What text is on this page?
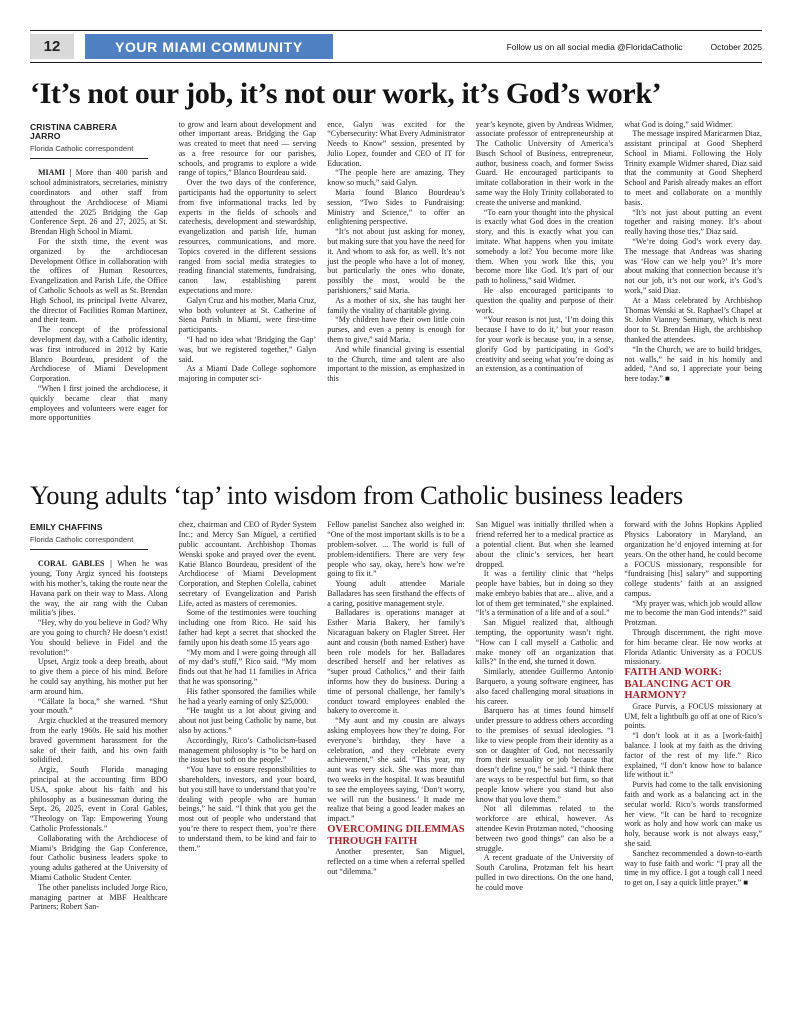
12	YOUR MIAMI COMMUNITY	Follow us on all social media @FloridaCatholic	October 2025
‘It’s not our job, it’s not our work, it’s God’s work’
CRISTINA CABRERA JARRO
Florida Catholic correspondent

MIAMI | More than 400 parish and school administrators, secretaries, ministry coordinators and other staff from throughout the Archdiocese of Miami attended the 2025 Bridging the Gap Conference Sept. 26 and 27, 2025, at St. Brendan High School in Miami.

For the sixth time, the event was organized by the archdiocesan Development Office in collaboration with the offices of Human Resources, Evangelization and Parish Life, the Office of Catholic Schools as well as St. Brendan High School, its principal Ivette Alvarez, the director of Facilities Roman Martinez, and their team.

The concept of the professional development day, with a Catholic identity, was first introduced in 2012 by Katie Blanco Bourdeau, president of the Archdiocese of Miami Development Corporation.

“When I first joined the archdiocese, it quickly became clear that many employees and volunteers were eager for more opportunities

to grow and learn about development and other important areas. Bridging the Gap was created to meet that need — serving as a free resource for our parishes, schools, and programs to explore a wide range of topics,” Blanco Bourdeau said.

Over the two days of the conference, participants had the opportunity to select from five informational tracks led by experts in the fields of schools and catechesis, development and stewardship, evangelization and parish life, human resources, communications, and more. Topics covered in the different sessions ranged from social media strategies to reading financial statements, fundraising, canon law, establishing parent expectations and more.

Galyn Cruz and his mother, Maria Cruz, who both volunteer at St. Catherine of Siena Parish in Miami, were first-time participants.

“I had no idea what ‘Bridging the Gap’ was, but we registered together,” Galyn said.

As a Miami Dade College sophomore majoring in computer sci-

ence, Galyn was excited for the “Cybersecurity: What Every Administrator Needs to Know” session, presented by Julio Lopez, founder and CEO of IT for Education.

“The people here are amazing. They know so much,” said Galyn.

Maria found Blanco Bourdeau’s session, “Two Sides to Fundraising: Ministry and Science,” to offer an enlightening perspective.

“It’s not about just asking for money, but making sure that you have the need for it. And whom to ask for, as well. It’s not just the people who have a lot of money, but particularly the ones who donate, possibly the most, would be the parishioners,” said Maria.

As a mother of six, she has taught her family the vitality of charitable giving.

“My children have their own little coin purses, and even a penny is enough for them to give,” said Maria.

And while financial giving is essential to the Church, time and talent are also important to the mission, as emphasized in this

year’s keynote, given by Andreas Widmer, associate professor of entrepreneurship at The Catholic University of America’s Busch School of Business, entrepreneur, author, business coach, and former Swiss Guard. He encouraged participants to imitate collaboration in their work in the same way the Holy Trinity collaborated to create the universe and mankind.

“To earn your thought into the physical is exactly what God does in the creation story, and this is exactly what you can imitate. What happens when you imitate somebody a lot? You become more like them. When you work like this, you become more like God. It’s part of our path to holiness,” said Widmer.

He also encouraged participants to question the quality and purpose of their work.

“Your reason is not just, ‘I’m doing this because I have to do it,’ but your reason for your work is because you, in a sense, glorify God by participating in God’s creativity and seeing what you’re doing as an extension, as a continuation of

what God is doing,” said Widmer.

The message inspired Maricarmen Diaz, assistant principal at Good Shepherd School in Miami. Following the Holy Trinity example Widmer shared, Diaz said that the community at Good Shepherd School and Parish already makes an effort to meet and collaborate on a monthly basis.

“It’s not just about putting an event together and raising money. It’s about really having those ties,” Diaz said.

“We’re doing God’s work every day. The message that Andreas was sharing was ‘How can we help you?’ It’s more about making that connection because it’s not our job, it’s not our work, it’s God’s work,” said Diaz.

At a Mass celebrated by Archbishop Thomas Wenski at St. Raphael’s Chapel at St. John Vianney Seminary, which is next door to St. Brendan High, the archbishop thanked the attendees.

“In the Church, we are to build bridges, not walls,” he said in his homily and added, “And so, I appreciate your being here today.” ■

Young adults ‘tap’ into wisdom from Catholic business leaders
EMILY CHAFFINS
Florida Catholic correspondent

CORAL GABLES | When he was young, Tony Argiz synced his footsteps with his mother’s, taking the route near the Havana park on their way to Mass. Along the way, the air rang with the Cuban militia’s jibes.

“Hey, why do you believe in God? Why are you going to church? He doesn’t exist! You should believe in Fidel and the revolution!”

Upset, Argiz took a deep breath, about to give them a piece of his mind. Before he could say anything, his mother put her arm around him.

“Cállate la boca,” she warned. “Shut your mouth.”

Argiz chuckled at the treasured memory from the early 1960s. He said his mother braved government harassment for the sake of their faith, and his own faith solidified.

Argiz, South Florida managing principal at the accounting firm BDO USA, spoke about his faith and his philosophy as a businessman during the Sept. 26, 2025, event in Coral Gables, “Theology on Tap: Empowering Young Catholic Professionals.”

Collaborating with the Archdiocese of Miami’s Bridging the Gap Conference, four Catholic business leaders spoke to young adults gathered at the University of Miami Catholic Student Center.

The other panelists included Jorge Rico, managing partner at MBF Healthcare Partners; Robert San-

chez, chairman and CEO of Ryder System Inc.; and Mercy San Miguel, a certified public accountant. Archbishop Thomas Wenski spoke and prayed over the event. Katie Blanco Bourdeau, president of the Archdiocese of Miami Development Corporation, and Stephen Colella, cabinet secretary of Evangelization and Parish Life, acted as masters of ceremonies.

Some of the testimonies were touching including one from Rico. He said his father had kept a secret that shocked the family upon his death some 15 years ago

“My mom and I were going through all of my dad’s stuff,” Rico said. “My mom finds out that he had 11 families in Africa that he was sponsoring.”

His father sponsored the families while he had a yearly earning of only $25,000.

“He taught us a lot about giving and about not just being Catholic by name, but also by actions.”

Accordingly, Rico’s Catholicism-based management philosophy is “to be hard on the issues but soft on the people.”

“You have to ensure responsibilities to shareholders, investors, and your board, but you still have to understand that you’re dealing with people who are human beings,” he said. “I think that you get the most out of people who understand that you’re there to respect them, you’re there to understand them, to be kind and fair to them.”

Fellow panelist Sanchez also weighed in: “One of the most important skills is to be a problem-solver. ... The world is full of problem-identifiers. There are very few people who say, okay, here’s how we’re going to fix it.”

Young adult attendee Mariale Balladares has seen firsthand the effects of a caring, positive management style.

Balladares is operations manager at Esther Maria Bakery, her family’s Nicaraguan bakery on Flagler Street. Her aunt and cousin (both named Esther) have been role models for her. Balladares described herself and her relatives as “super proud Catholics,” and their faith informs how they do business. During a time of personal challenge, her family’s conduct toward employees enabled the bakery to overcome it.

“My aunt and my cousin are always asking employees how they’re doing. For everyone’s birthday, they have a celebration, and they celebrate every achievement,” she said. “This year, my aunt was very sick. She was more than two weeks in the hospital. It was beautiful to see the employees saying, ‘Don’t worry, we will run the business.’ It made me realize that being a good leader makes an impact.”

OVERCOMING DILEMMAS THROUGH FAITH

Another presenter, San Miguel, reflected on a time when a referral spelled out “dilemma.”

San Miguel was initially thrilled when a friend referred her to a medical practice as a potential client. But when she learned about the clinic’s services, her heart dropped.

It was a fertility clinic that “helps people have babies, but in doing so they make embryo babies that are... alive, and a lot of them get terminated,” she explained. “It’s a termination of a life and of a soul.”

San Miguel realized that, although tempting, the opportunity wasn’t right. “How can I call myself a Catholic and make money off an organization that kills?” In the end, she turned it down.

Similarly, attendee Guillermo Antonio Barquero, a young software engineer, has also faced challenging moral situations in his career.

Barquero has at times found himself under pressure to address others according to the premises of sexual ideologies. “I like to view people from their identity as a son or daughter of God, not necessarily from their sexuality or job because that doesn’t define you,” he said. “I think there are ways to be respectful but firm, so that people know where you stand but also know that you love them.”

Not all dilemmas related to the workforce are ethical, however. As attendee Kevin Protzman noted, “choosing between two good things” can also be a struggle.

A recent graduate of the University of South Carolina, Protzman felt his heart pulled in two directions. On the one hand, he could move

forward with the Johns Hopkins Applied Physics Laboratory in Maryland, an organization he’d enjoyed interning at for years. On the other hand, he could become a FOCUS missionary, responsible for “fundraising [his] salary” and supporting college students’ faith at an assigned campus.

“My prayer was, which job would allow me to become the man God intends?” said Protzman.

Through discernment, the right move for him became clear. He now works at Florida Atlantic University as a FOCUS missionary.

FAITH AND WORK: BALANCING ACT OR HARMONY?

Grace Purvis, a FOCUS missionary at UM, felt a lightbulb go off at one of Rico’s points.

“I don’t look at it as a [work-faith] balance. I look at my faith as the driving factor of the rest of my life.” Rico explained, “I don’t know how to balance life without it.”

Purvis had come to the talk envisioning faith and work as a balancing act in the secular world. Rico’s words transformed her view. “It can be hard to recognize work as holy and how work can make us holy, because work is not always easy,” she said.

Sanchez recommended a down-to-earth way to fuse faith and work: “I pray all the time in my office. I got a tough call I need to get on, I say a quick little prayer.” ■
